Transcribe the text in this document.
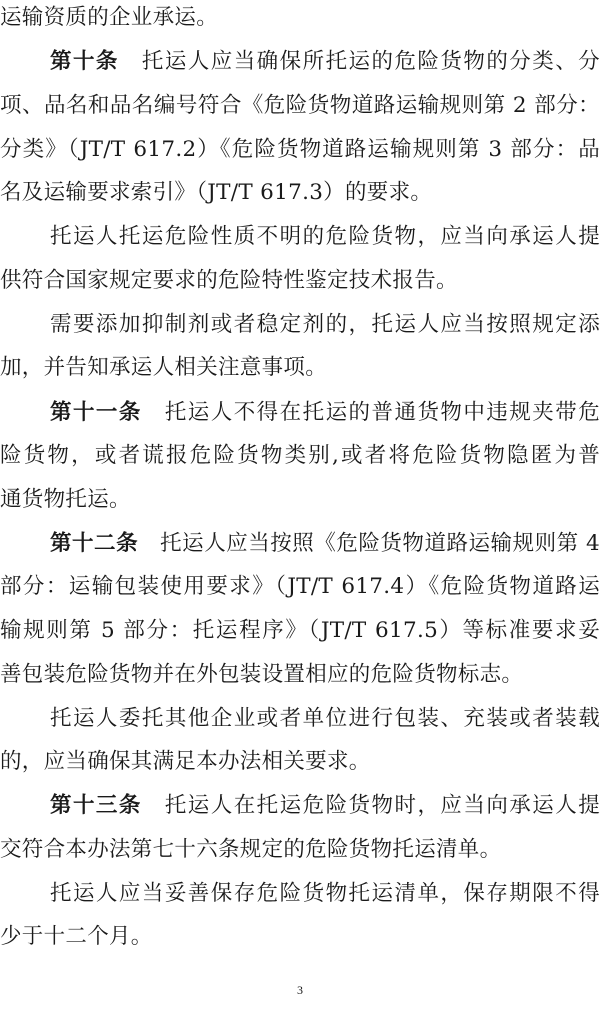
运输资质的企业承运。
第十条　托运人应当确保所托运的危险货物的分类、分
项、品名和品名编号符合《危险货物道路运输规则第 2 部分：
分类》（JT/T 617.2）《危险货物道路运输规则第 3 部分：品
名及运输要求索引》（JT/T 617.3）的要求。
托运人托运危险性质不明的危险货物，应当向承运人提
供符合国家规定要求的危险特性鉴定技术报告。
需要添加抑制剂或者稳定剂的，托运人应当按照规定添
加，并告知承运人相关注意事项。
第十一条　托运人不得在托运的普通货物中违规夹带危
险货物，或者谎报危险货物类别,或者将危险货物隐匿为普
通货物托运。
第十二条　托运人应当按照《危险货物道路运输规则第 4
部分：运输包装使用要求》（JT/T 617.4）《危险货物道路运
输规则第 5 部分：托运程序》（JT/T 617.5）等标准要求妥
善包装危险货物并在外包装设置相应的危险货物标志。
托运人委托其他企业或者单位进行包装、充装或者装载
的，应当确保其满足本办法相关要求。
第十三条　托运人在托运危险货物时，应当向承运人提
交符合本办法第七十六条规定的危险货物托运清单。
托运人应当妥善保存危险货物托运清单，保存期限不得
少于十二个月。
3
